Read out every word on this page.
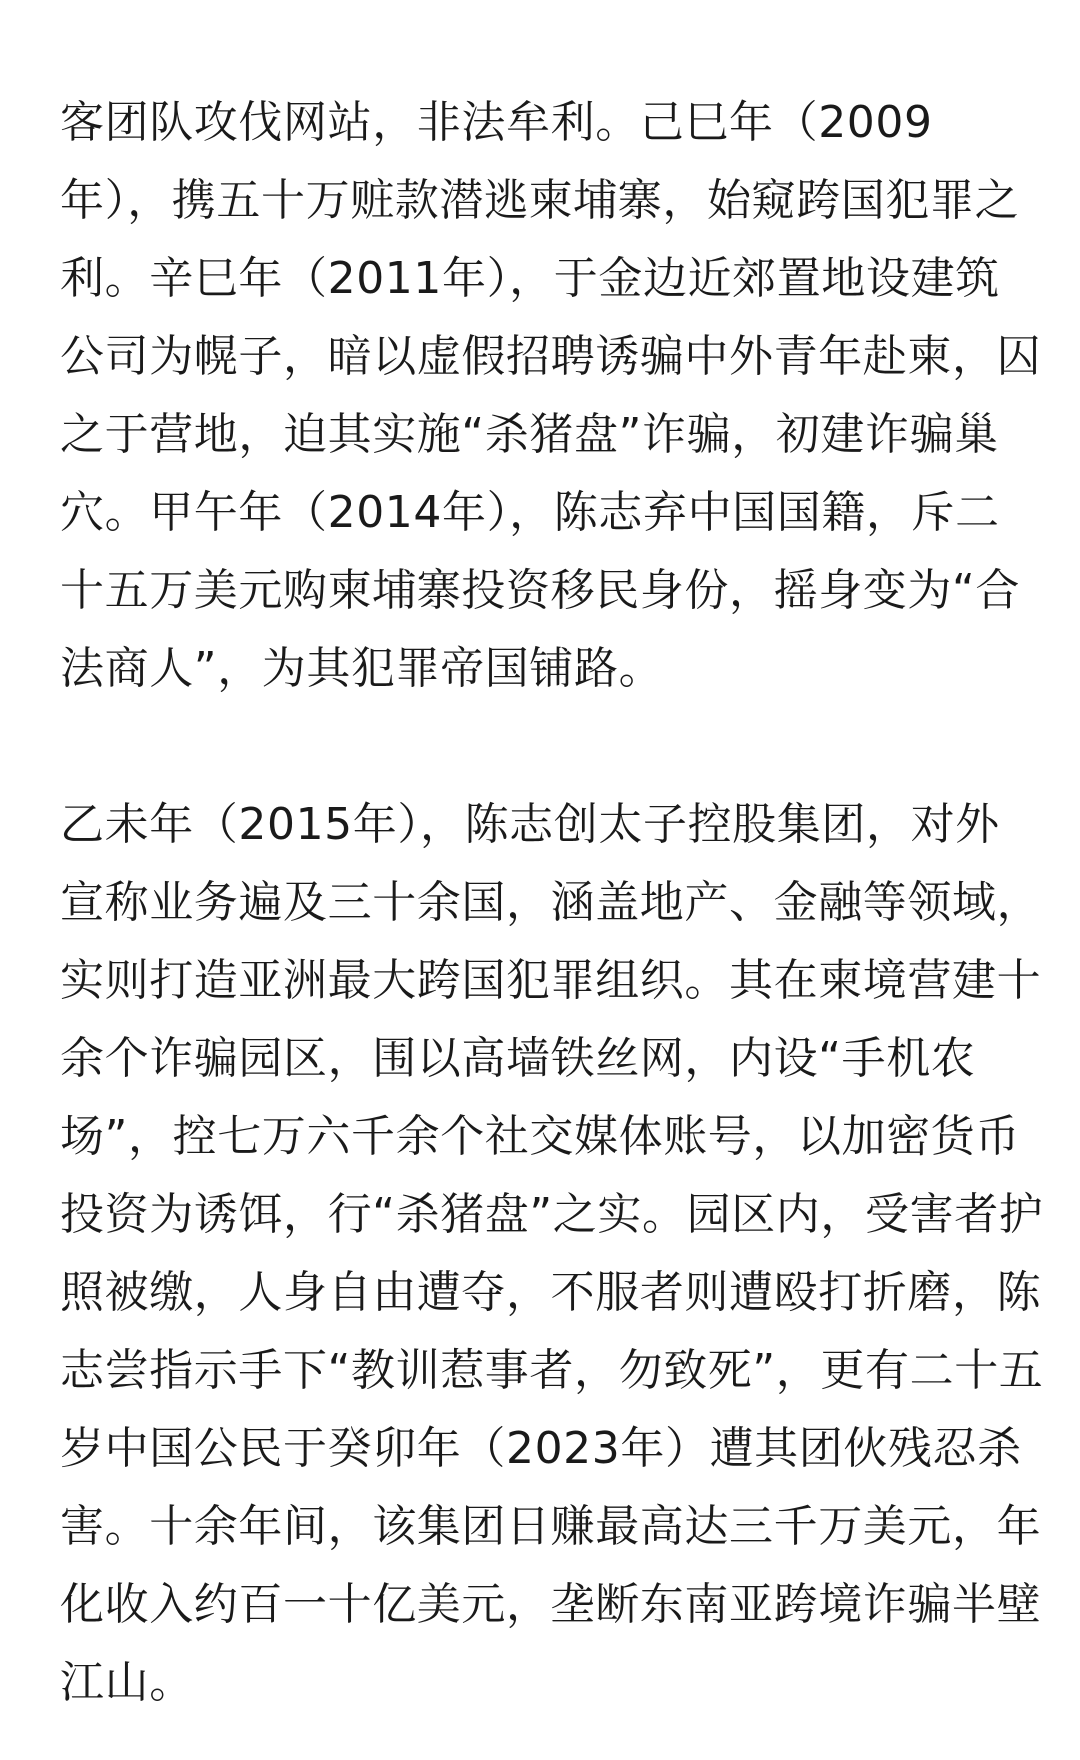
客团队攻伐网站，非法牟利。己巳年（2009
年），携五十万赃款潜逃柬埔寨，始窥跨国犯罪之
利。辛巳年（2011年），于金边近郊置地设建筑
公司为幌子，暗以虚假招聘诱骗中外青年赴柬，囚
之于营地，迫其实施“杀猪盘”诈骗，初建诈骗巢
穴。甲午年（2014年），陈志弃中国国籍，斥二
十五万美元购柬埔寨投资移民身份，摇身变为“合
法商人”，为其犯罪帝国铺路。

乙未年（2015年），陈志创太子控股集团，对外
宣称业务遍及三十余国，涵盖地产、金融等领域，
实则打造亚洲最大跨国犯罪组织。其在柬境营建十
余个诈骗园区，围以高墙铁丝网，内设“手机农
场”，控七万六千余个社交媒体账号，以加密货币
投资为诱饵，行“杀猪盘”之实。园区内，受害者护
照被缴，人身自由遭夺，不服者则遭殴打折磨，陈
志尝指示手下“教训惹事者，勿致死”，更有二十五
岁中国公民于癸卯年（2023年）遭其团伙残忍杀
害。十余年间，该集团日赚最高达三千万美元，年
化收入约百一十亿美元，垄断东南亚跨境诈骗半壁
江山。
